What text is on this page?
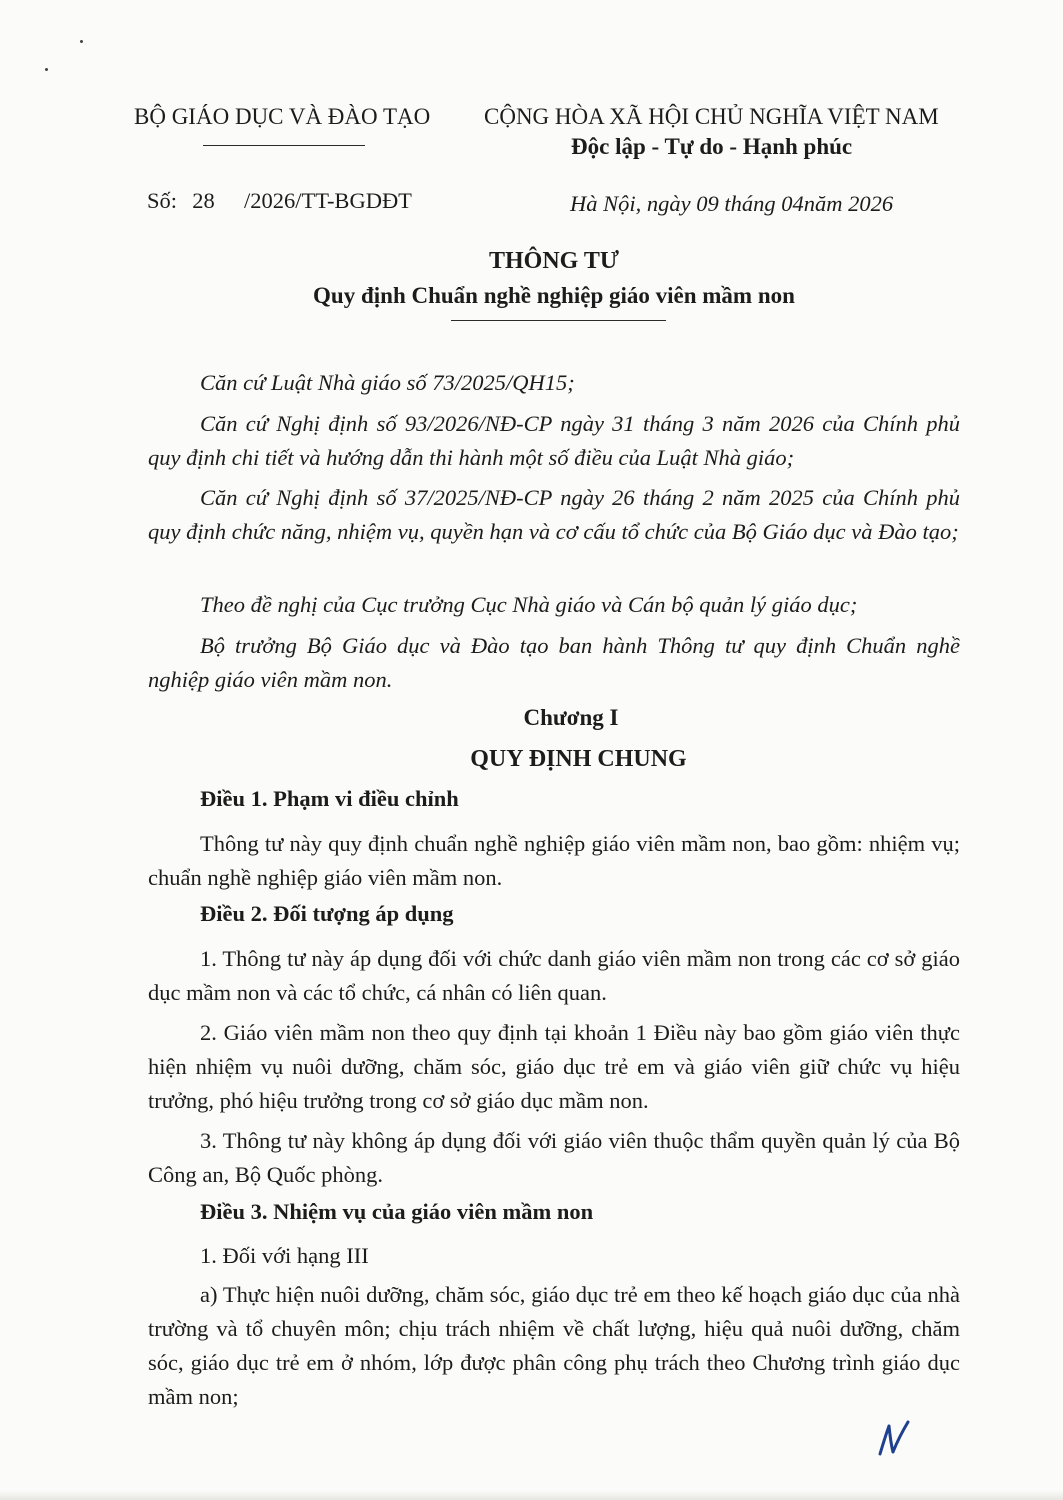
BỘ GIÁO DỤC VÀ ĐÀO TẠO CỘNG HÒA XÃ HỘI CHỦ NGHĨA VIỆT NAM
Độc lập - Tự do - Hạnh phúc
Số: 28 /2026/TT-BGDĐT	Hà Nội, ngày 09 tháng 04năm 2026
THÔNG TƯ
Quy định Chuẩn nghề nghiệp giáo viên mầm non
Căn cứ Luật Nhà giáo số 73/2025/QH15;
Căn cứ Nghị định số 93/2026/NĐ-CP ngày 31 tháng 3 năm 2026 của Chính phủ quy định chi tiết và hướng dẫn thi hành một số điều của Luật Nhà giáo;
Căn cứ Nghị định số 37/2025/NĐ-CP ngày 26 tháng 2 năm 2025 của Chính phủ quy định chức năng, nhiệm vụ, quyền hạn và cơ cấu tổ chức của Bộ Giáo dục và Đào tạo;
Theo đề nghị của Cục trưởng Cục Nhà giáo và Cán bộ quản lý giáo dục;
Bộ trưởng Bộ Giáo dục và Đào tạo ban hành Thông tư quy định Chuẩn nghề nghiệp giáo viên mầm non.
Chương I
QUY ĐỊNH CHUNG
Điều 1. Phạm vi điều chỉnh
Thông tư này quy định chuẩn nghề nghiệp giáo viên mầm non, bao gồm: nhiệm vụ; chuẩn nghề nghiệp giáo viên mầm non.
Điều 2. Đối tượng áp dụng
1. Thông tư này áp dụng đối với chức danh giáo viên mầm non trong các cơ sở giáo dục mầm non và các tổ chức, cá nhân có liên quan.
2. Giáo viên mầm non theo quy định tại khoản 1 Điều này bao gồm giáo viên thực hiện nhiệm vụ nuôi dưỡng, chăm sóc, giáo dục trẻ em và giáo viên giữ chức vụ hiệu trưởng, phó hiệu trưởng trong cơ sở giáo dục mầm non.
3. Thông tư này không áp dụng đối với giáo viên thuộc thẩm quyền quản lý của Bộ Công an, Bộ Quốc phòng.
Điều 3. Nhiệm vụ của giáo viên mầm non
1. Đối với hạng III
a) Thực hiện nuôi dưỡng, chăm sóc, giáo dục trẻ em theo kế hoạch giáo dục của nhà trường và tổ chuyên môn; chịu trách nhiệm về chất lượng, hiệu quả nuôi dưỡng, chăm sóc, giáo dục trẻ em ở nhóm, lớp được phân công phụ trách theo Chương trình giáo dục mầm non;
